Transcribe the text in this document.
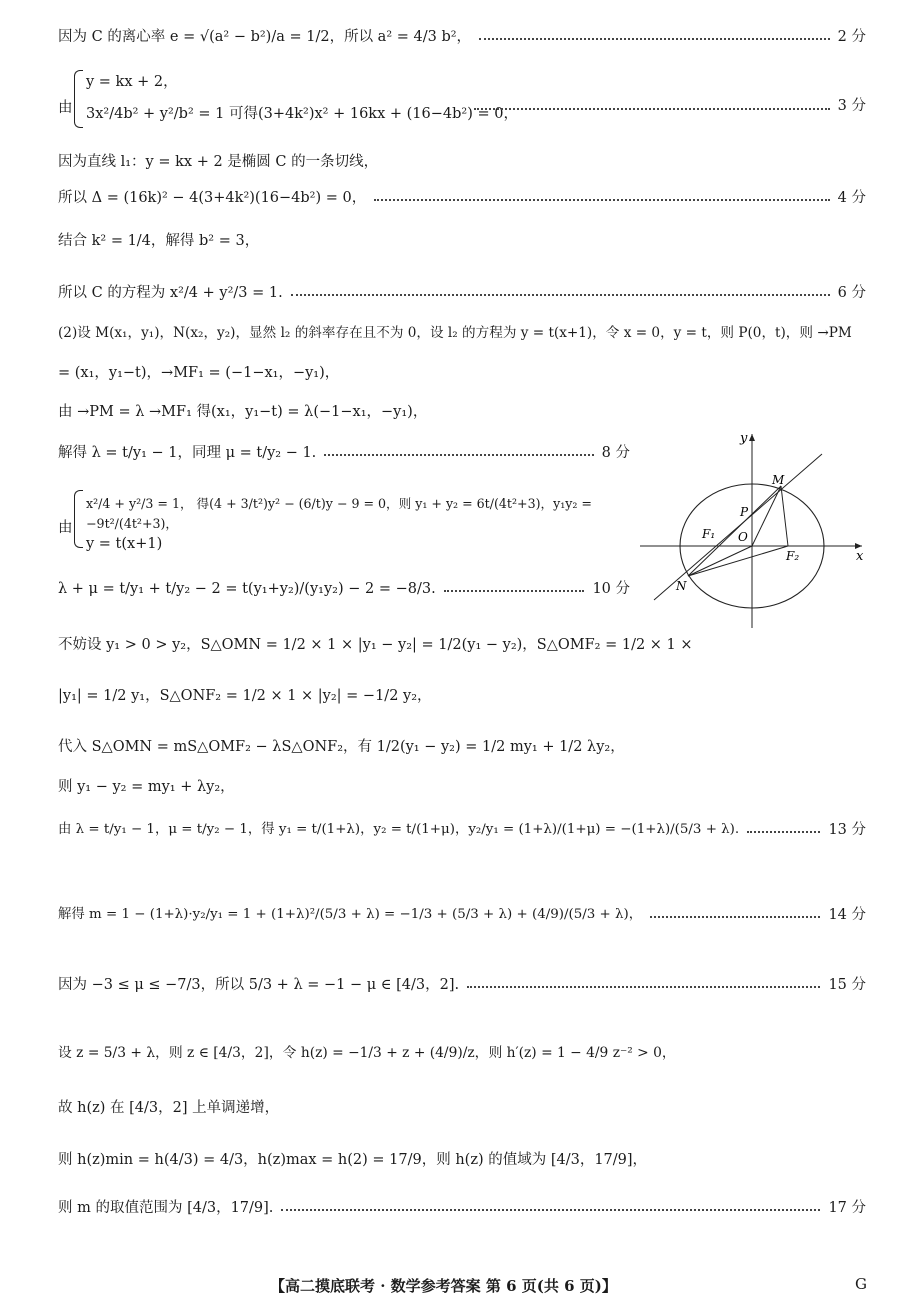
因为 C 的离心率 e = √(a² − b²)/a = 1/2，所以 a² = 4/3 b²，	2 分
由
y = kx + 2，
3x²/4b² + y²/b² = 1 可得(3+4k²)x² + 16kx + (16−4b²) = 0，	3 分
因为直线 l₁：y = kx + 2 是椭圆 C 的一条切线，
所以 Δ = (16k)² − 4(3+4k²)(16−4b²) = 0，	4 分
结合 k² = 1/4，解得 b² = 3，
所以 C 的方程为 x²/4 + y²/3 = 1.	6 分
(2)设 M(x₁，y₁)，N(x₂，y₂)，显然 l₂ 的斜率存在且不为 0，设 l₂ 的方程为 y = t(x+1)，令 x = 0，y = t，则 P(0，t)，则 →PM
= (x₁，y₁−t)，→MF₁ = (−1−x₁，−y₁)，
由 →PM = λ →MF₁ 得(x₁，y₁−t) = λ(−1−x₁，−y₁)，
解得 λ = t/y₁ − 1，同理 μ = t/y₂ − 1.	8 分
由
x²/4 + y²/3 = 1， 得(4 + 3/t²)y² − (6/t)y − 9 = 0，则 y₁ + y₂ = 6t/(4t²+3)，y₁y₂ = −9t²/(4t²+3)，
y = t(x+1)
λ + μ = t/y₁ + t/y₂ − 2 = t(y₁+y₂)/(y₁y₂) − 2 = −8/3.	10 分
不妨设 y₁ > 0 > y₂，S△OMN = 1/2 × 1 × |y₁ − y₂| = 1/2(y₁ − y₂)，S△OMF₂ = 1/2 × 1 ×
|y₁| = 1/2 y₁，S△ONF₂ = 1/2 × 1 × |y₂| = −1/2 y₂，
代入 S△OMN = mS△OMF₂ − λS△ONF₂，有 1/2(y₁ − y₂) = 1/2 my₁ + 1/2 λy₂，
则 y₁ − y₂ = my₁ + λy₂，
由 λ = t/y₁ − 1，μ = t/y₂ − 1，得 y₁ = t/(1+λ)，y₂ = t/(1+μ)，y₂/y₁ = (1+λ)/(1+μ) = −(1+λ)/(5/3 + λ).	13 分
解得 m = 1 − (1+λ)·y₂/y₁ = 1 + (1+λ)²/(5/3 + λ) = −1/3 + (5/3 + λ) + (4/9)/(5/3 + λ)，	14 分
因为 −3 ≤ μ ≤ −7/3，所以 5/3 + λ = −1 − μ ∈ [4/3，2].	15 分
设 z = 5/3 + λ，则 z ∈ [4/3，2]，令 h(z) = −1/3 + z + (4/9)/z，则 h′(z) = 1 − 4/9 z⁻² > 0，
故 h(z) 在 [4/3，2] 上单调递增，
则 h(z)min = h(4/3) = 4/3，h(z)max = h(2) = 17/9，则 h(z) 的值域为 [4/3，17/9]，
则 m 的取值范围为 [4/3，17/9].	17 分
y
x
M
N
P
O
F₁
F₂
【高二摸底联考 · 数学参考答案 第 6 页(共 6 页)】	G
